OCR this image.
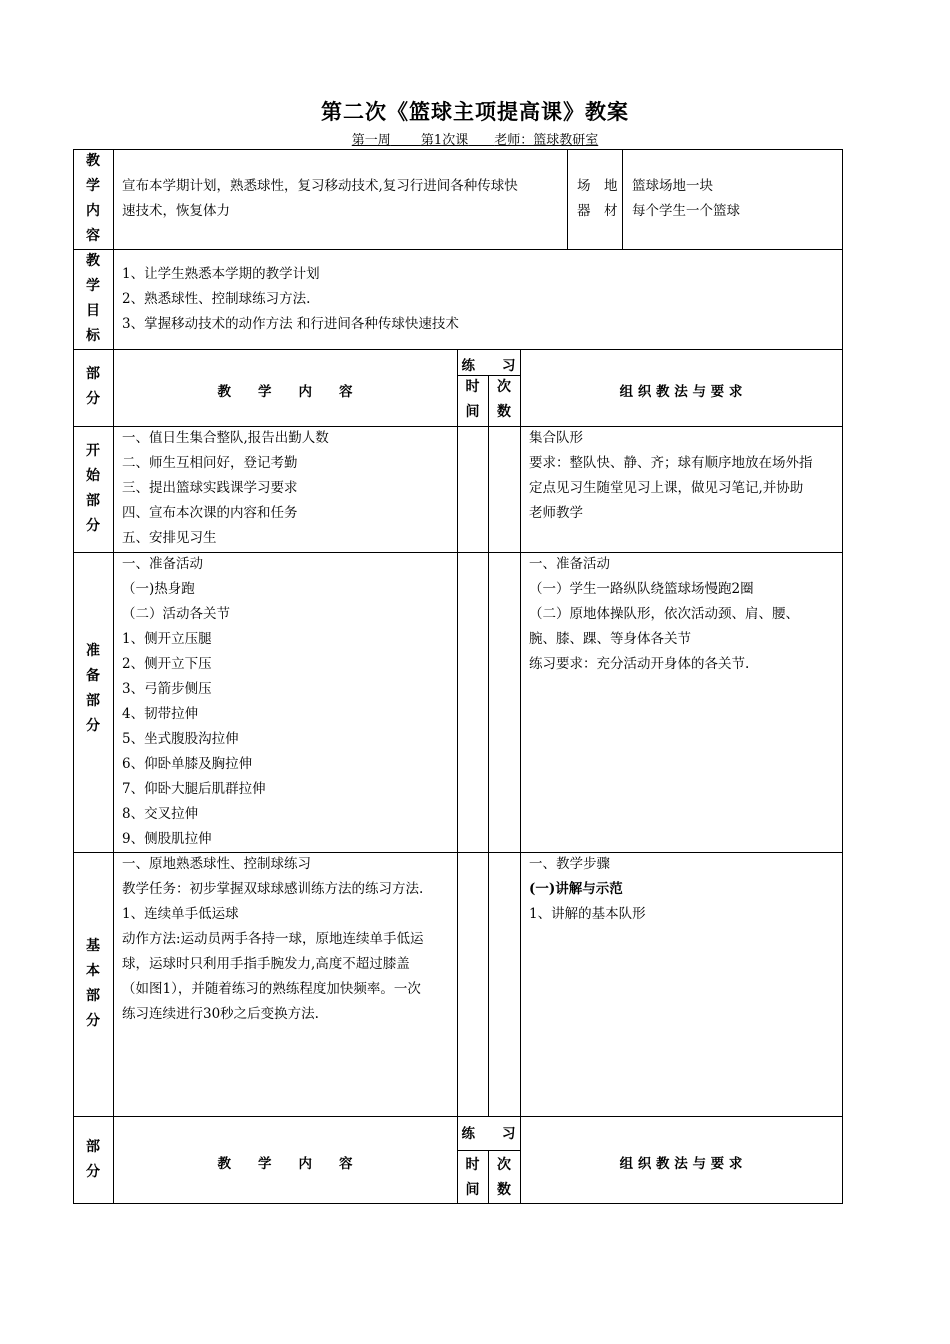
第二次《篮球主项提高课》教案
第一周　　 第1次课　　 老师：篮球教研室
教
学
内
容
宣布本学期计划，熟悉球性，复习移动技术,复习行进间各种传球快
速技术，恢复体力
场　地
器　材
篮球场地一块
每个学生一个篮球
教
学
目
标
1、让学生熟悉本学期的教学计划
2、熟悉球性、控制球练习方法.
3、掌握移动技术的动作方法 和行进间各种传球快速技术
部
分	教　　学　　内　　容
练　　习
时
间
次
数
组 织 教 法 与 要 求
开
始
部
分
一、值日生集合整队,报告出勤人数
二、师生互相问好，登记考勤
三、提出篮球实践课学习要求
四、宣布本次课的内容和任务
五、安排见习生
集合队形
要求：整队快、静、齐；球有顺序地放在场外指
定点见习生随堂见习上课，做见习笔记,并协助
老师教学
准
备
部
分
一、准备活动
（一)热身跑
（二）活动各关节
1、侧开立压腿
2、侧开立下压
3、弓箭步侧压
4、韧带拉伸
5、坐式腹股沟拉伸
6、仰卧单膝及胸拉伸
7、仰卧大腿后肌群拉伸
8、交叉拉伸
9、侧股肌拉伸
一、准备活动
（一）学生一路纵队绕篮球场慢跑2圈
（二）原地体操队形，依次活动颈、肩、腰、
腕、膝、踝、等身体各关节
练习要求：充分活动开身体的各关节.
基
本
部
分
一、原地熟悉球性、控制球练习
教学任务：初步掌握双球球感训练方法的练习方法.
1、连续单手低运球
动作方法:运动员两手各持一球，原地连续单手低运
球，运球时只利用手指手腕发力,高度不超过膝盖
（如图1），并随着练习的熟练程度加快频率。一次
练习连续进行30秒之后变换方法.
一、教学步骤
(一)讲解与示范
1、讲解的基本队形
部
分	教　　学　　内　　容
练　　习
时
间
次
数
组 织 教 法 与 要 求
